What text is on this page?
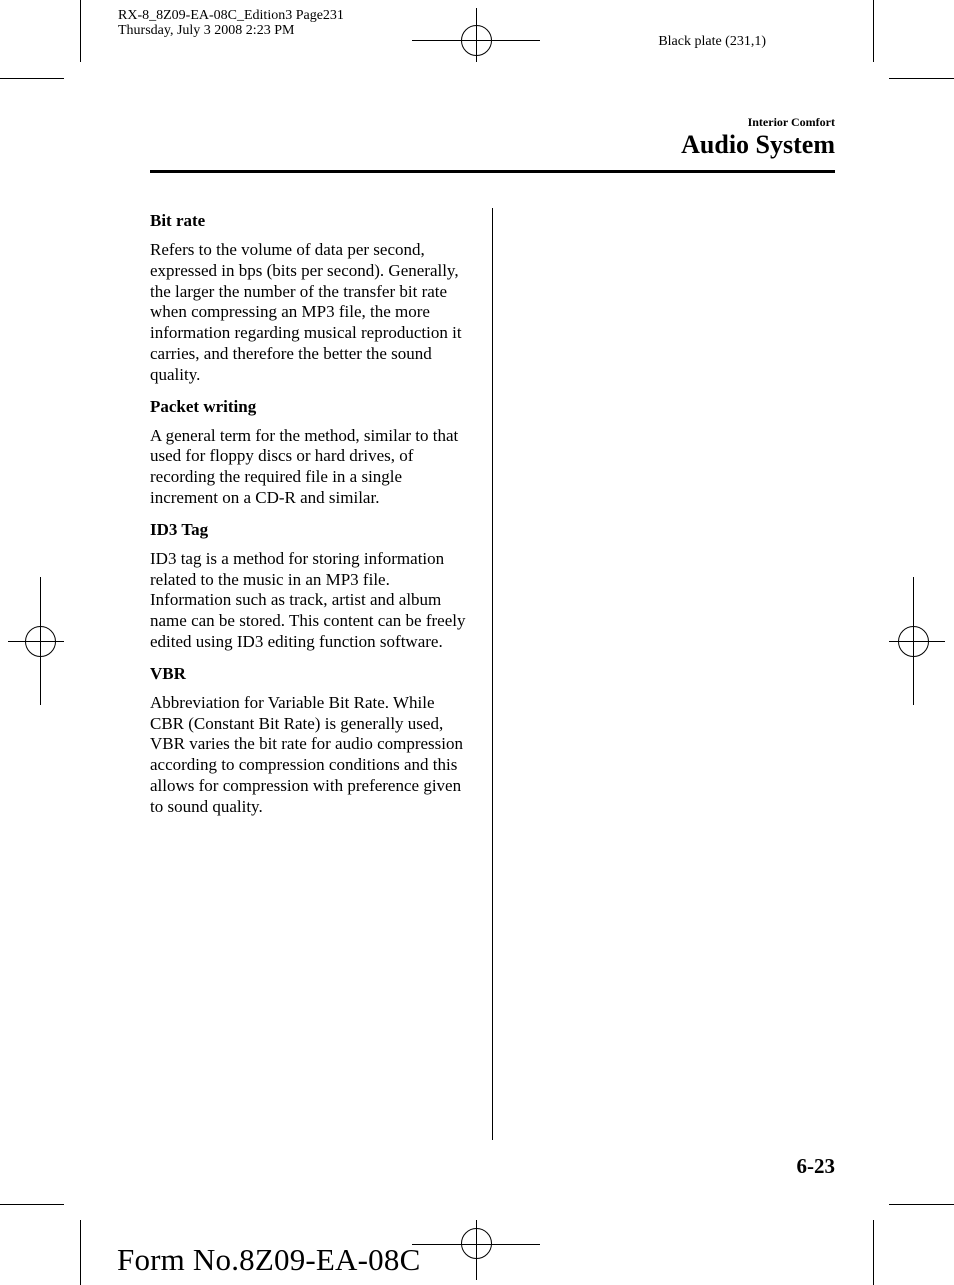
RX-8_8Z09-EA-08C_Edition3 Page231
Thursday, July 3 2008 2:23 PM
Black plate (231,1)
Interior Comfort
Audio System
Bit rate

Refers to the volume of data per second, expressed in bps (bits per second). Generally, the larger the number of the transfer bit rate when compressing an MP3 file, the more information regarding musical reproduction it carries, and therefore the better the sound quality.

Packet writing

A general term for the method, similar to that used for floppy discs or hard drives, of recording the required file in a single increment on a CD-R and similar.

ID3 Tag

ID3 tag is a method for storing information related to the music in an MP3 file. Information such as track, artist and album name can be stored. This content can be freely edited using ID3 editing function software.

VBR

Abbreviation for Variable Bit Rate. While CBR (Constant Bit Rate) is generally used, VBR varies the bit rate for audio compression according to compression conditions and this allows for compression with preference given to sound quality.

6-23
Form No.8Z09-EA-08C
